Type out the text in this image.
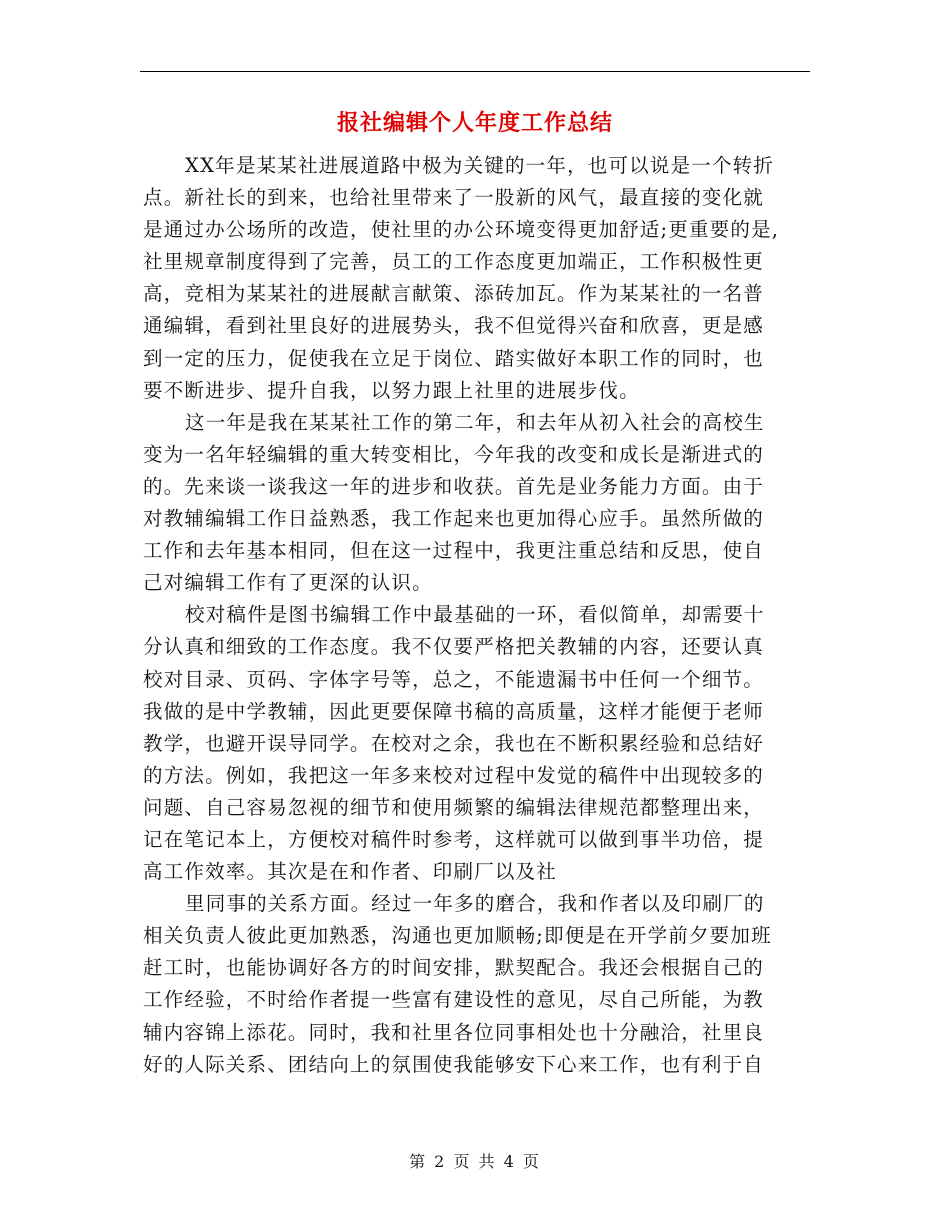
报社编辑个人年度工作总结
XX年是某某社进展道路中极为关键的一年，也可以说是一个转折
点。新社长的到来，也给社里带来了一股新的风气，最直接的变化就
是通过办公场所的改造，使社里的办公环境变得更加舒适;更重要的是,
社里规章制度得到了完善，员工的工作态度更加端正，工作积极性更
高，竞相为某某社的进展献言献策、添砖加瓦。作为某某社的一名普
通编辑，看到社里良好的进展势头，我不但觉得兴奋和欣喜，更是感
到一定的压力，促使我在立足于岗位、踏实做好本职工作的同时，也
要不断进步、提升自我，以努力跟上社里的进展步伐。
这一年是我在某某社工作的第二年，和去年从初入社会的高校生
变为一名年轻编辑的重大转变相比，今年我的改变和成长是渐进式的
的。先来谈一谈我这一年的进步和收获。首先是业务能力方面。由于
对教辅编辑工作日益熟悉，我工作起来也更加得心应手。虽然所做的
工作和去年基本相同，但在这一过程中，我更注重总结和反思，使自
己对编辑工作有了更深的认识。
校对稿件是图书编辑工作中最基础的一环，看似简单，却需要十
分认真和细致的工作态度。我不仅要严格把关教辅的内容，还要认真
校对目录、页码、字体字号等，总之，不能遗漏书中任何一个细节。
我做的是中学教辅，因此更要保障书稿的高质量，这样才能便于老师
教学，也避开误导同学。在校对之余，我也在不断积累经验和总结好
的方法。例如，我把这一年多来校对过程中发觉的稿件中出现较多的
问题、自己容易忽视的细节和使用频繁的编辑法律规范都整理出来，
记在笔记本上，方便校对稿件时参考，这样就可以做到事半功倍，提
高工作效率。其次是在和作者、印刷厂以及社
里同事的关系方面。经过一年多的磨合，我和作者以及印刷厂的
相关负责人彼此更加熟悉，沟通也更加顺畅;即便是在开学前夕要加班
赶工时，也能协调好各方的时间安排，默契配合。我还会根据自己的
工作经验，不时给作者提一些富有建设性的意见，尽自己所能，为教
辅内容锦上添花。同时，我和社里各位同事相处也十分融洽，社里良
好的人际关系、团结向上的氛围使我能够安下心来工作，也有利于自
第 2 页 共 4 页
